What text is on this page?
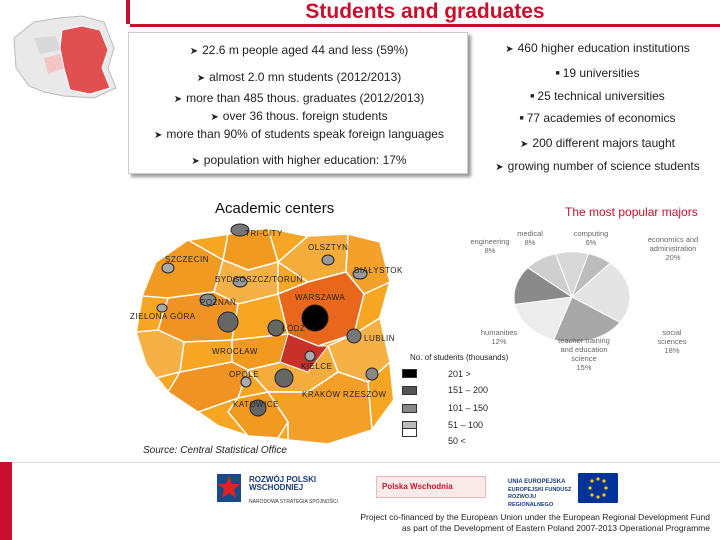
Students and graduates
➤ 22.6 m people aged 44 and less (59%)
➤ almost 2.0 mn students (2012/2013)
➤ more than 485 thous. graduates (2012/2013)
➤ over 36 thous. foreign students
➤ more than 90% of students speak foreign languages
➤ population with higher education: 17%
➤ 460 higher education institutions
■ 19 universities
■ 25 technical universities
■ 77 academies of economics
➤ 200 different majors taught
➤ growing number of science students
Academic centers	The most popular majors
TRI-CITY
OLSZTYN
SZCZECIN
BIAŁYSTOK
BYDGOSZCZ/TORUŃ
POZNAŃ
WARSZAWA
ZIELONA GÓRA
ŁÓDŹ
LUBLIN
WROCŁAW
KIELCE
OPOLE
KRAKÓW RZESZÓW
KATOWICE
No. of students (thousands)
201 >
151 – 200
101 – 150
51 – 100
50 <
medical
8%
computing
6%	economics and administration
20%
social sciences
18%
teacher training and education science
15%
humanities
12%
engineering
8%
Source: Central Statistical Office
ROZWÓJ POLSKI WSCHODNIEJ
NARODOWA STRATEGIA SPÓJNOŚCI
Polska Wschodnia	UNIA EUROPEJSKA
EUROPEJSKI FUNDUSZ
ROZWOJU REGIONALNEGO
Project co-financed by the European Union under the European Regional Development Fund
as part of the Development of Eastern Poland 2007-2013 Operational Programme
